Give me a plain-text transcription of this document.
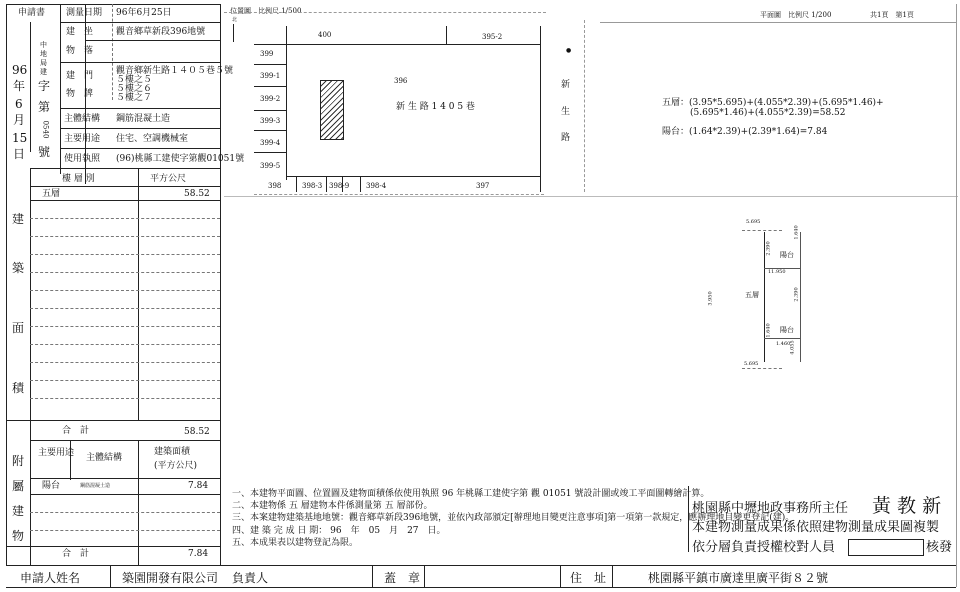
申請書 測量日期 96年6月25日
建　坐	觀音鄉草新段396地號
物　落
建　門
物　牌
觀音鄉新生路１４０５巷５號
５樓之５
５樓之６
５樓之７
主體結構 鋼筋混凝土造
主要用途 住宅、空調機械室
使用執照 (96)桃縣工建使字第觀01051號
中
地
局
建
字
第
0540
號
96
年
6
月
15
日
樓 層 別	平方公尺
五層	58.52
建
築
面
積
合　計	58.52
主要用途 主體結構
建築面積
(平方公尺)
陽台	鋼筋混凝土造	7.84
附
屬
建
物
合　計	7.84
位置圖　比例尺 1/500
北
400	395-2
399
399-1
399-2
399-3
399-4
399-5
396
新 生 路 1 4 0 5 巷
398	398-3 398-9 398-4	397
●
新
生
路
平面圖　比例尺 1/200	共1頁　第1頁
五層：(3.95*5.695)+(4.055*2.39)+(5.695*1.46)+
(5.695*1.46)+(4.055*2.39)=58.52
陽台：(1.64*2.39)+(2.39*1.64)=7.84
5.695
2.390
1.640
11.950
陽台
3.950	五層	2.390
1.640 陽台
5.695
4.055
1.460
一、本建物平面圖、位置圖及建物面積係依使用執照 96 年桃縣工建使字第 觀 01051 號設計圖或竣工平面圖轉繪計算。
二、本建物係 五 層建物本件係測量第 五 層部份。
三、本案建物建築基地地號：觀音鄉草新段396地號，並依內政部頒定[辦理地目變更注意事項]第一項第一款規定，應辦理地目變更登記(建)。
四、建 築 完 成 日 期： 96　年　05　月　27　日。
五、本成果表以建物登記為限。
桃園縣中壢地政事務所主任 黃 教 新
本建物測量成果係依照建物測量成果圖複製
依分層負責授權校對人員	核發
申請人姓名	築園開發有限公司 負責人	蓋　章	住　址	桃園縣平鎮市廣達里廣平街８２號
